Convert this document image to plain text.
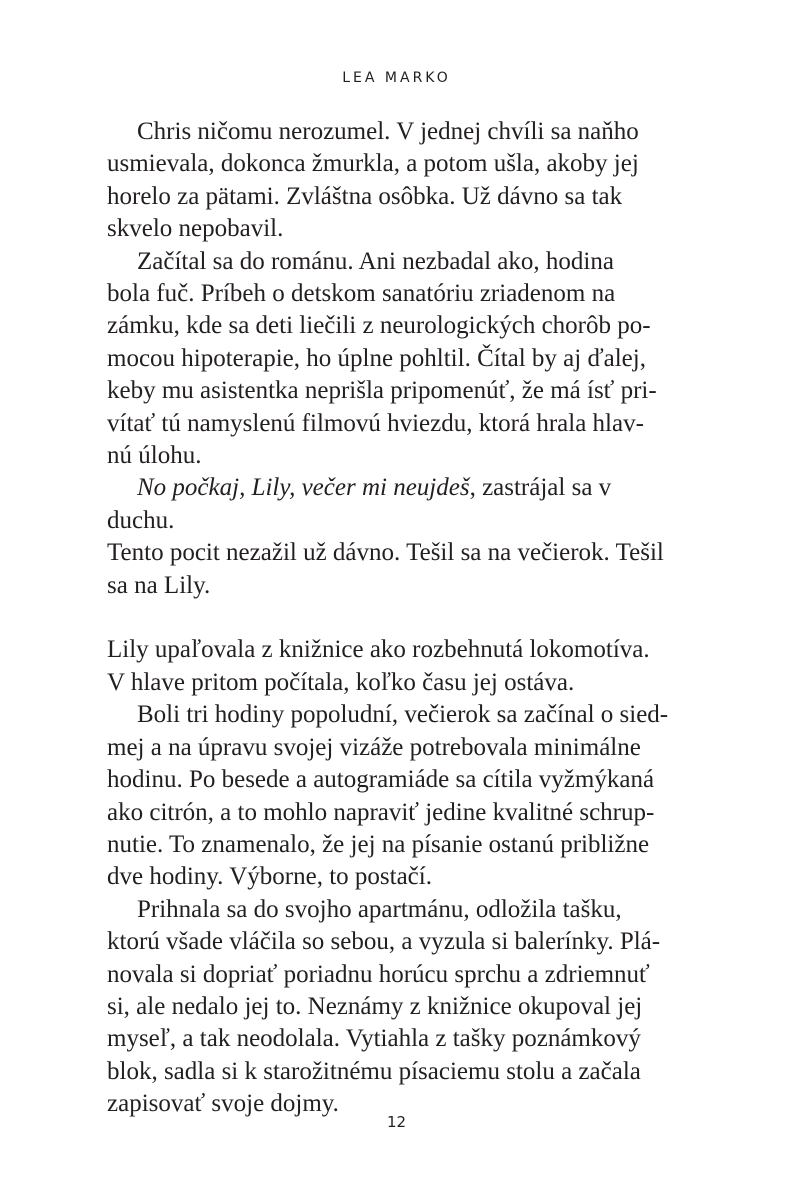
LEA MARKO

Chris ničomu nerozumel. V jednej chvíli sa naňho
usmievala, dokonca žmurkla, a potom ušla, akoby jej
horelo za pätami. Zvláštna osôbka. Už dávno sa tak
skvelo nepobavil.

Začítal sa do románu. Ani nezbadal ako, hodina
bola fuč. Príbeh o detskom sanatóriu zriadenom na
zámku, kde sa deti liečili z neurologických chorôb po-
mocou hipoterapie, ho úplne pohltil. Čítal by aj ďalej,
keby mu asistentka neprišla pripomenúť, že má ísť pri-
vítať tú namyslenú filmovú hviezdu, ktorá hrala hlav-
nú úlohu.

No počkaj, Lily, večer mi neujdeš, zastrájal sa v duchu.
Tento pocit nezažil už dávno. Tešil sa na večierok. Tešil
sa na Lily.

Lily upaľovala z knižnice ako rozbehnutá lokomotíva.
V hlave pritom počítala, koľko času jej ostáva.

Boli tri hodiny popoludní, večierok sa začínal o sied-
mej a na úpravu svojej vizáže potrebovala minimálne
hodinu. Po besede a autogramiáde sa cítila vyžmýkaná
ako citrón, a to mohlo napraviť jedine kvalitné schrup-
nutie. To znamenalo, že jej na písanie ostanú približne
dve hodiny. Výborne, to postačí.

Prihnala sa do svojho apartmánu, odložila tašku,
ktorú všade vláčila so sebou, a vyzula si balerínky. Plá-
novala si dopriať poriadnu horúcu sprchu a zdriemnuť
si, ale nedalo jej to. Neznámy z knižnice okupoval jej
myseľ, a tak neodolala. Vytiahla z tašky poznámkový
blok, sadla si k starožitnému písaciemu stolu a začala
zapisovať svoje dojmy.

12
